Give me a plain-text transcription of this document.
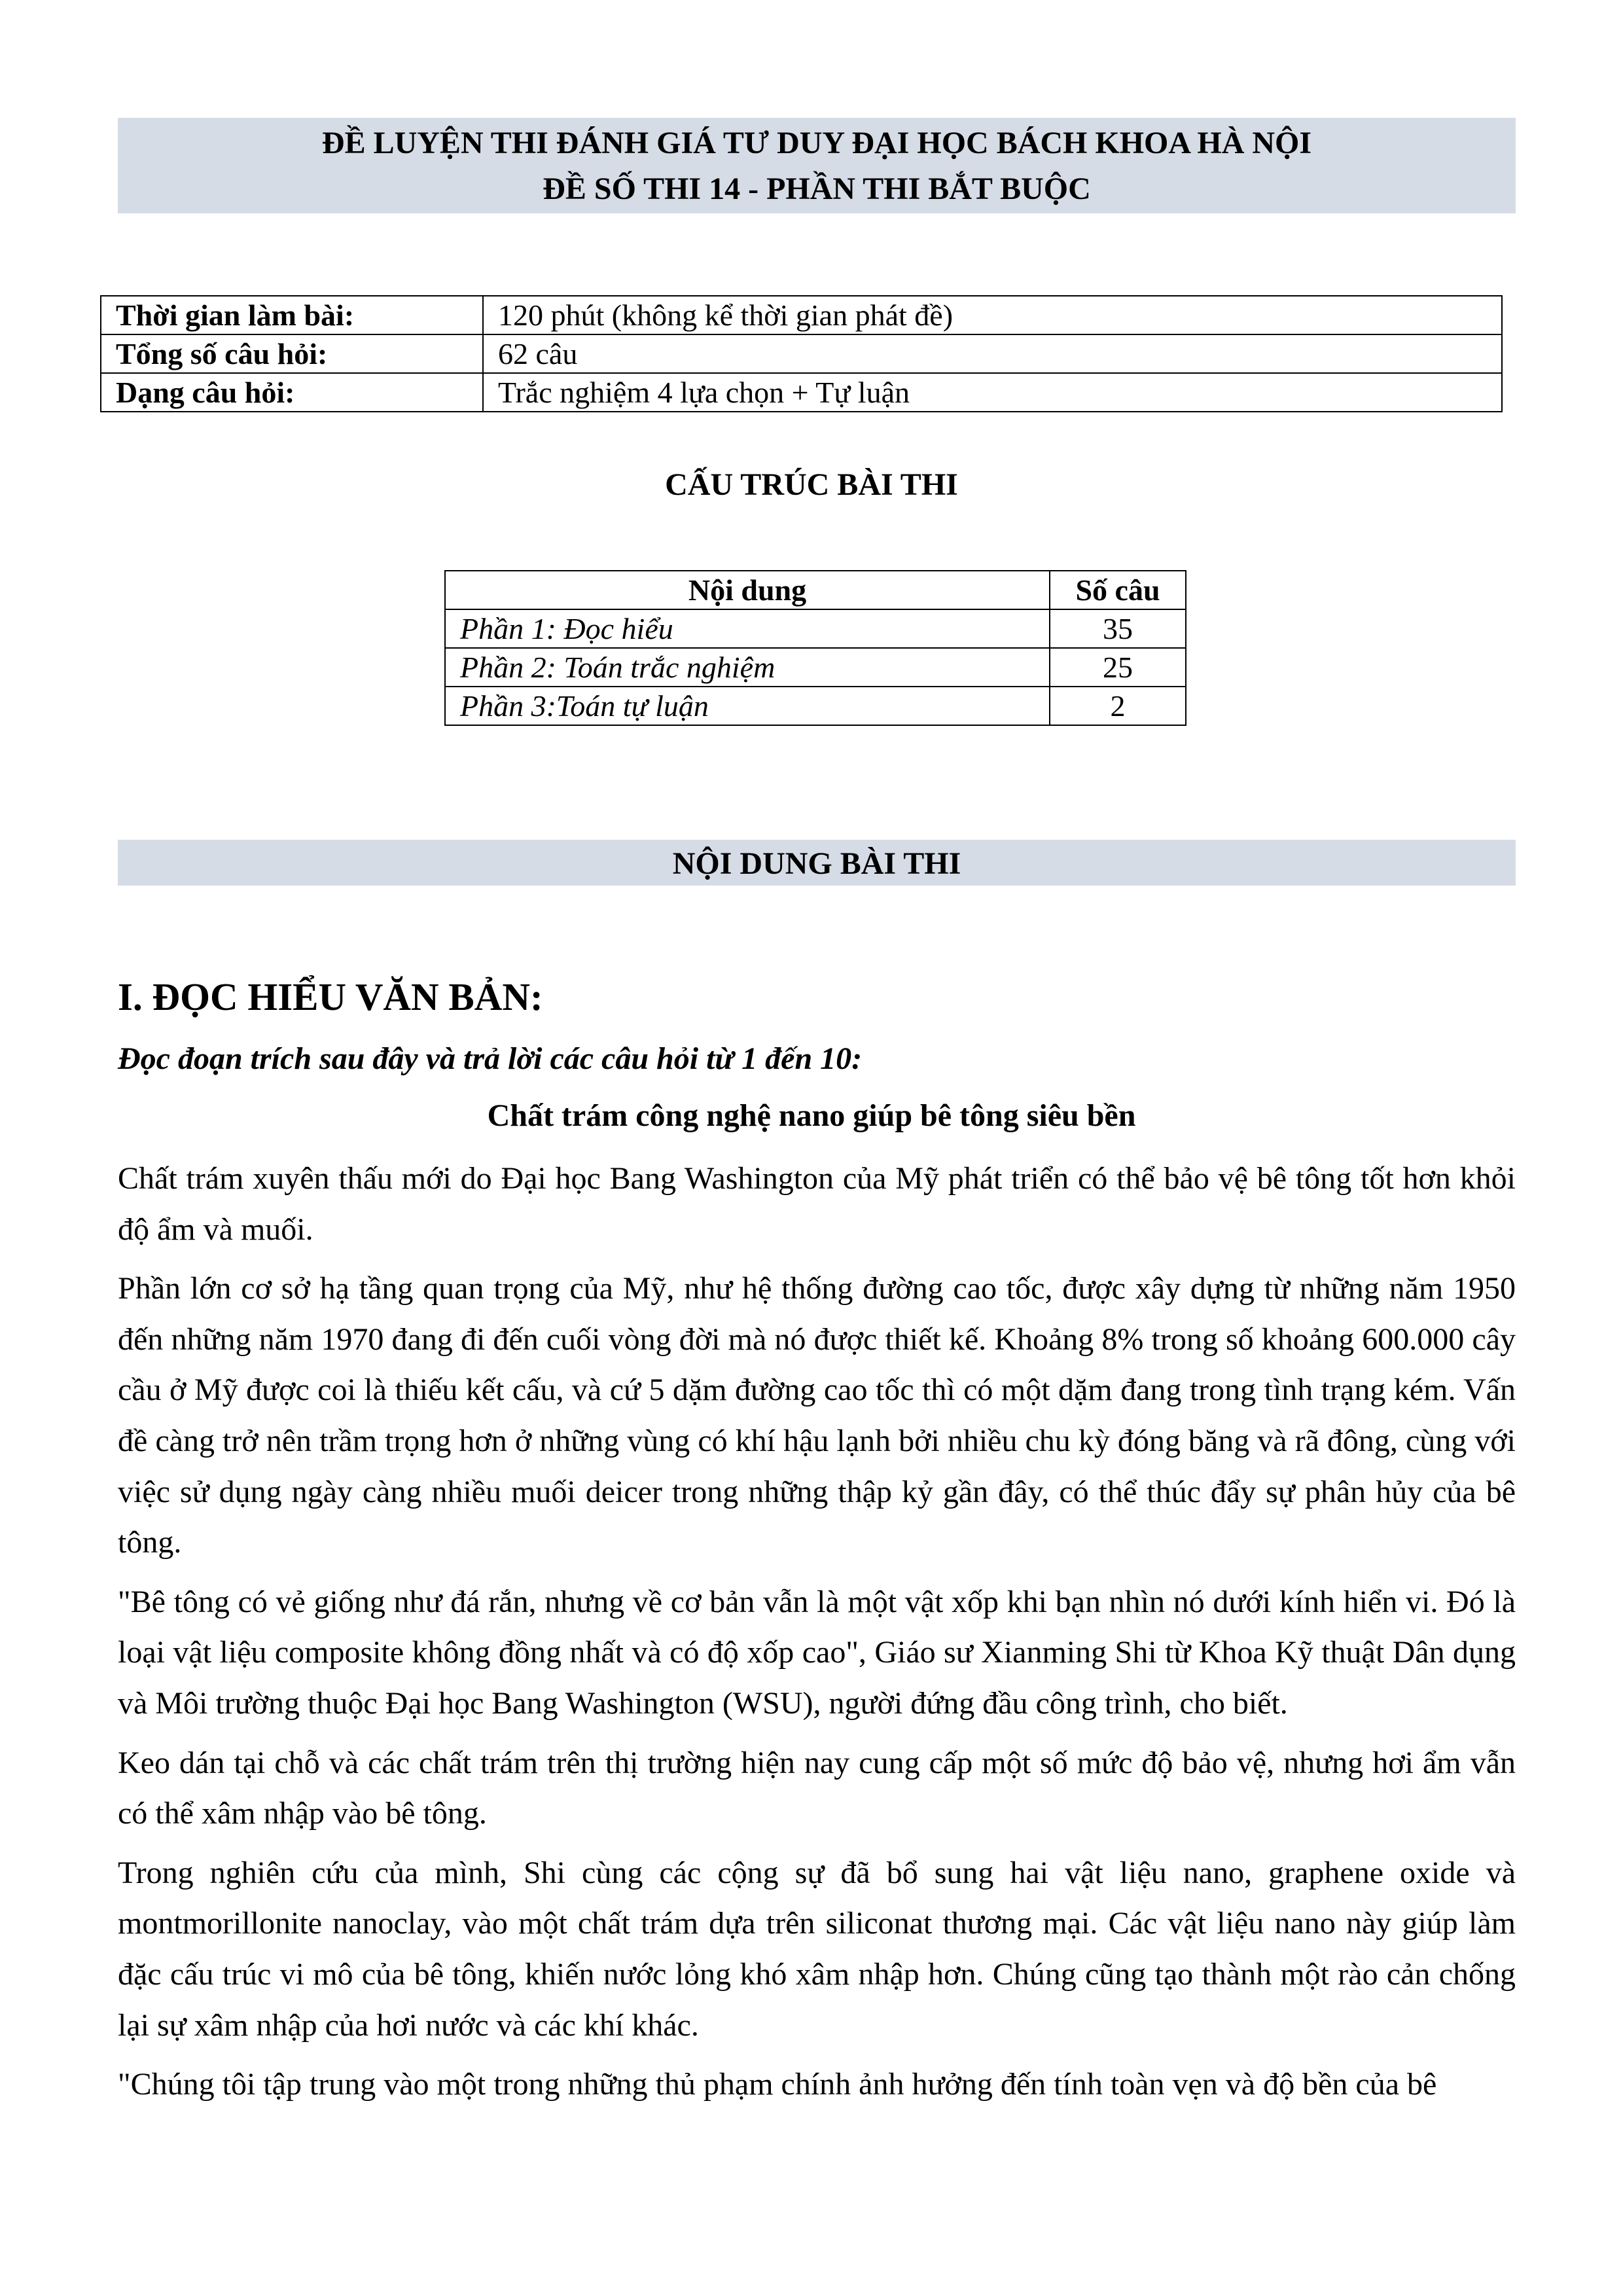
ĐỀ LUYỆN THI ĐÁNH GIÁ TƯ DUY ĐẠI HỌC BÁCH KHOA HÀ NỘI
ĐỀ SỐ THI 14 - PHẦN THI BẮT BUỘC
Thời gian làm bài:	120 phút (không kể thời gian phát đề)
Tổng số câu hỏi:	62 câu
Dạng câu hỏi:	Trắc nghiệm 4 lựa chọn + Tự luận
CẤU TRÚC BÀI THI
Nội dung	Số câu
Phần 1: Đọc hiểu	35
Phần 2: Toán trắc nghiệm	25
Phần 3:Toán tự luận	2
NỘI DUNG BÀI THI
I. ĐỌC HIỂU VĂN BẢN:
Đọc đoạn trích sau đây và trả lời các câu hỏi từ 1 đến 10:
Chất trám công nghệ nano giúp bê tông siêu bền

Chất trám xuyên thấu mới do Đại học Bang Washington của Mỹ phát triển có thể bảo vệ bê tông tốt hơn khỏi độ ẩm và muối.

Phần lớn cơ sở hạ tầng quan trọng của Mỹ, như hệ thống đường cao tốc, được xây dựng từ những năm 1950 đến những năm 1970 đang đi đến cuối vòng đời mà nó được thiết kế. Khoảng 8% trong số khoảng 600.000 cây cầu ở Mỹ được coi là thiếu kết cấu, và cứ 5 dặm đường cao tốc thì có một dặm đang trong tình trạng kém. Vấn đề càng trở nên trầm trọng hơn ở những vùng có khí hậu lạnh bởi nhiều chu kỳ đóng băng và rã đông, cùng với việc sử dụng ngày càng nhiều muối deicer trong những thập kỷ gần đây, có thể thúc đẩy sự phân hủy của bê tông.

"Bê tông có vẻ giống như đá rắn, nhưng về cơ bản vẫn là một vật xốp khi bạn nhìn nó dưới kính hiển vi. Đó là loại vật liệu composite không đồng nhất và có độ xốp cao", Giáo sư Xianming Shi từ Khoa Kỹ thuật Dân dụng và Môi trường thuộc Đại học Bang Washington (WSU), người đứng đầu công trình, cho biết.

Keo dán tại chỗ và các chất trám trên thị trường hiện nay cung cấp một số mức độ bảo vệ, nhưng hơi ẩm vẫn có thể xâm nhập vào bê tông.

Trong nghiên cứu của mình, Shi cùng các cộng sự đã bổ sung hai vật liệu nano, graphene oxide và montmorillonite nanoclay, vào một chất trám dựa trên siliconat thương mại. Các vật liệu nano này giúp làm đặc cấu trúc vi mô của bê tông, khiến nước lỏng khó xâm nhập hơn. Chúng cũng tạo thành một rào cản chống lại sự xâm nhập của hơi nước và các khí khác.

"Chúng tôi tập trung vào một trong những thủ phạm chính ảnh hưởng đến tính toàn vẹn và độ bền của bê
